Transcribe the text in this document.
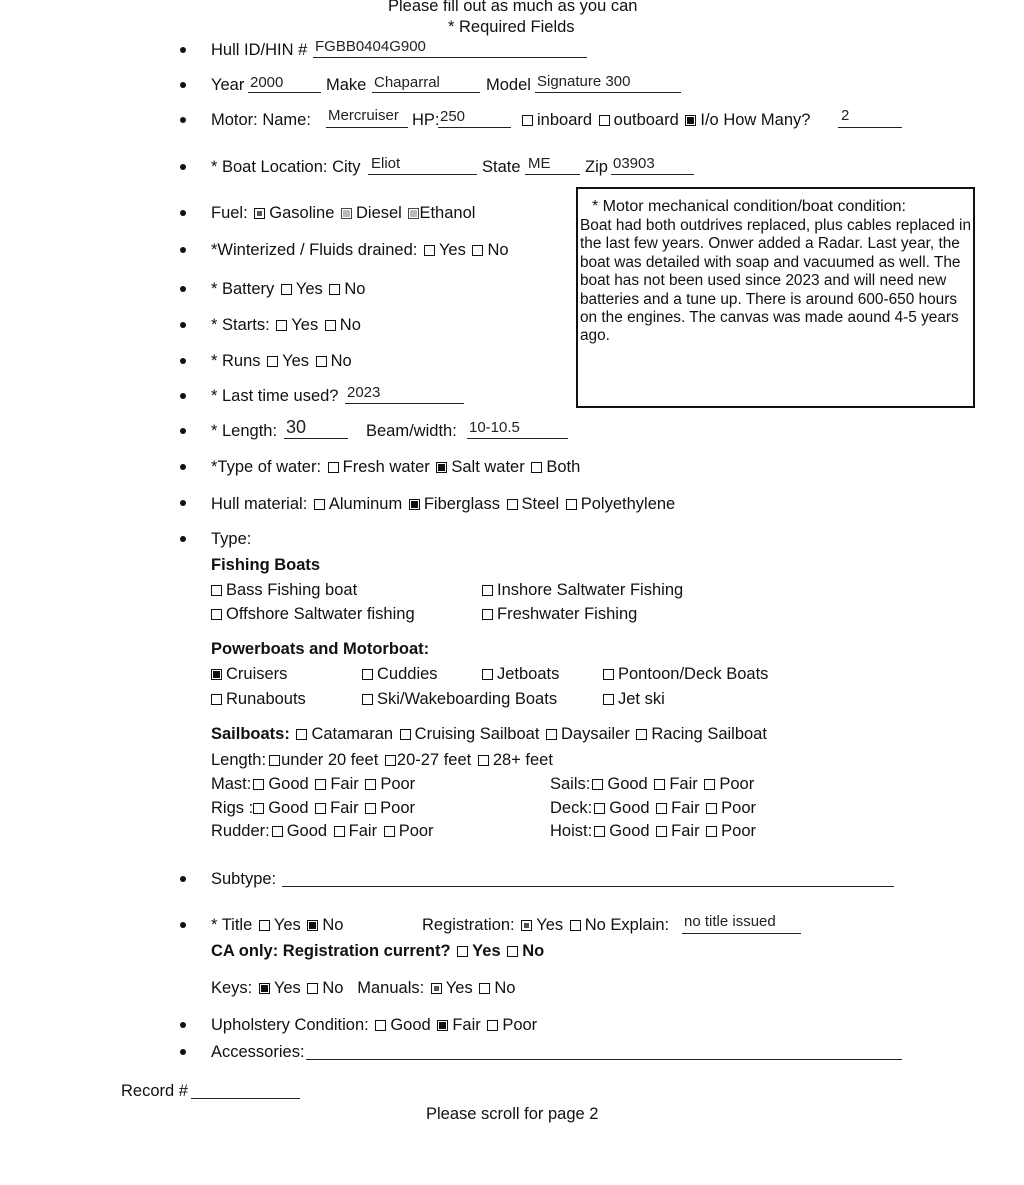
Please fill out as much as you can
* Required Fields
Hull ID/HIN # FGBB0404G900
Year 2000	Make Chaparral	Model Signature 300
Motor: Name: Mercruiser HP: 250	inboard outboard I/o How Many? 2
* Boat Location: City Eliot	State ME Zip 03903
Fuel: Gasoline Diesel Ethanol
*Winterized / Fluids drained: Yes No
* Battery Yes No
* Starts: Yes No
* Runs Yes No
* Last time used? 2023
* Length: 30	Beam/width: 10-10.5
*Type of water: Fresh water Salt water Both
Hull material: Aluminum Fiberglass Steel Polyethylene
* Motor mechanical condition/boat condition:
Boat had both outdrives replaced, plus cables replaced in the last few years. Onwer added a Radar. Last year, the boat was detailed with soap and vacuumed as well. The boat has not been used since 2023 and will need new batteries and a tune up. There is around 600-650 hours on the engines. The canvas was made aound 4-5 years ago.
Type:
Fishing Boats
Bass Fishing boat	Inshore Saltwater Fishing
Offshore Saltwater fishing	Freshwater Fishing
Powerboats and Motorboat:
Cruisers	Cuddies	Jetboats	Pontoon/Deck Boats
Runabouts	Ski/Wakeboarding Boats	Jet ski
Sailboats: Catamaran Cruising Sailboat Daysailer Racing Sailboat
Length: under 20 feet 20-27 feet 28+ feet
Mast: Good Fair Poor	Sails: Good Fair Poor
Rigs : Good Fair Poor	Deck: Good Fair Poor
Rudder: Good Fair Poor	Hoist: Good Fair Poor
Subtype:
* Title Yes No	Registration: Yes No Explain: no title issued
CA only: Registration current? Yes No
Keys: Yes No Manuals: Yes No
Upholstery Condition: Good Fair Poor
Accessories:
Record #
Please scroll for page 2
